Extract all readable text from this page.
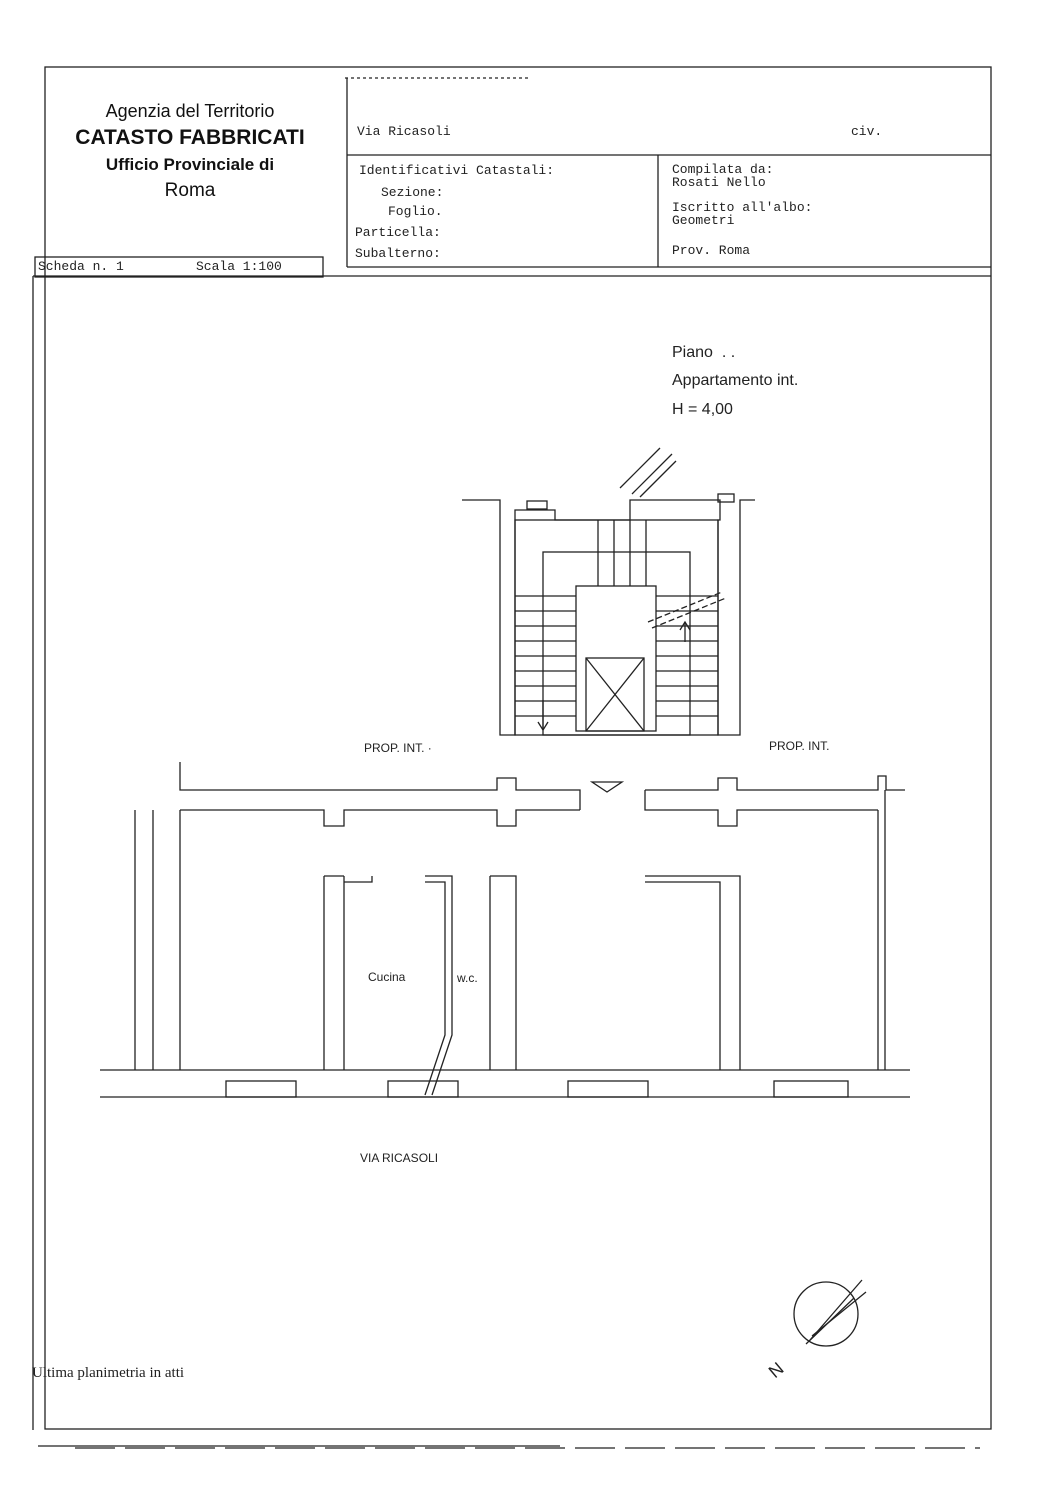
Agenzia del Territorio
CATASTO FABBRICATI
Ufficio Provinciale di
Roma
Via Ricasoli	civ.
Identificativi Catastali:
Sezione:
Foglio.
Particella:
Subalterno:
Compilata da:
Rosati Nello
Iscritto all'albo:
Geometri
Prov. Roma
Scheda n. 1	Scala 1:100
Piano  . .
Appartamento int.
H = 4,00
PROP. INT. ·	PROP. INT.
Cucina	w.c.
VIA RICASOLI
N
Ultima planimetria in atti
